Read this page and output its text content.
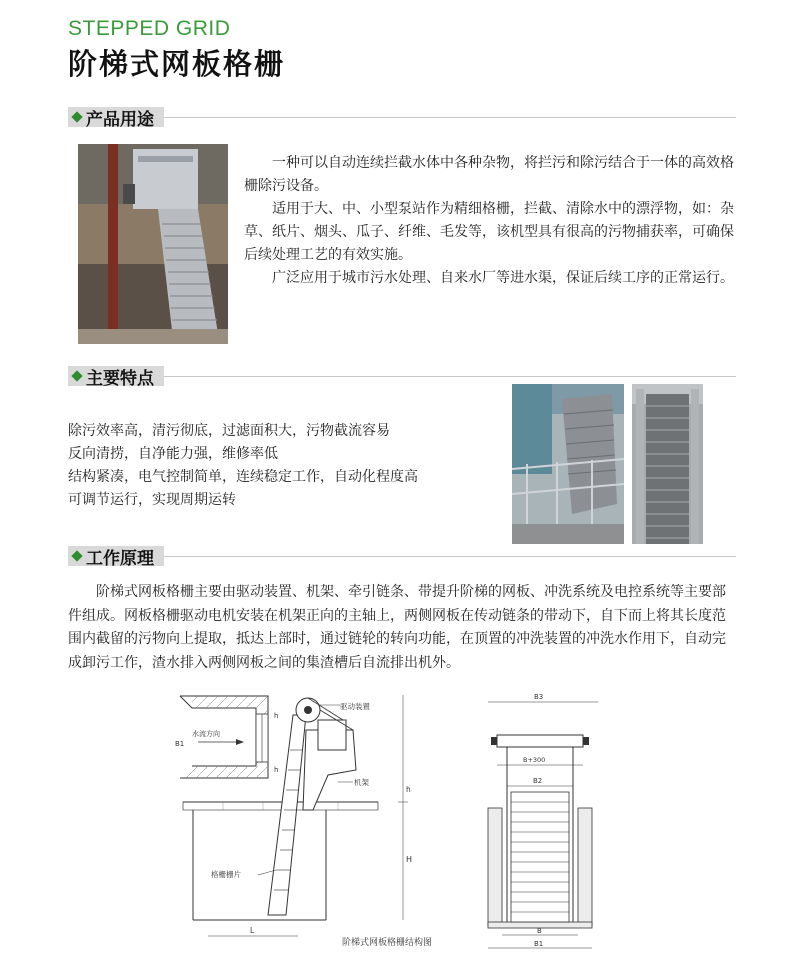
STEPPED GRID
阶梯式网板格栅
产品用途

一种可以自动连续拦截水体中各种杂物，将拦污和除污结合于一体的高效格栅除污设备。

适用于大、中、小型泵站作为精细格栅，拦截、清除水中的漂浮物，如：杂草、纸片、烟头、瓜子、纤维、毛发等，该机型具有很高的污物捕获率，可确保后续处理工艺的有效实施。

广泛应用于城市污水处理、自来水厂等进水渠，保证后续工序的正常运行。

主要特点
除污效率高，清污彻底，过滤面积大，污物截流容易
反向清捞，自净能力强，维修率低
结构紧凑，电气控制简单，连续稳定工作，自动化程度高
可调节运行，实现周期运转
工作原理
阶梯式网板格栅主要由驱动装置、机架、牵引链条、带提升阶梯的网板、冲洗系统及电控系统等主要部件组成。网板格栅驱动电机安装在机架正向的主轴上，两侧网板在传动链条的带动下，自下而上将其长度范围内截留的污物向上提取，抵达上部时，通过链轮的转向功能，在顶置的冲洗装置的冲洗水作用下，自动完成卸污工作，渣水排入两侧网板之间的集渣槽后自流排出机外。
水流方向
B1
h
h
驱动装置
机架
格栅栅片
h
H
L
阶梯式网板格栅结构图
B3
B+300
B2
B
B1
